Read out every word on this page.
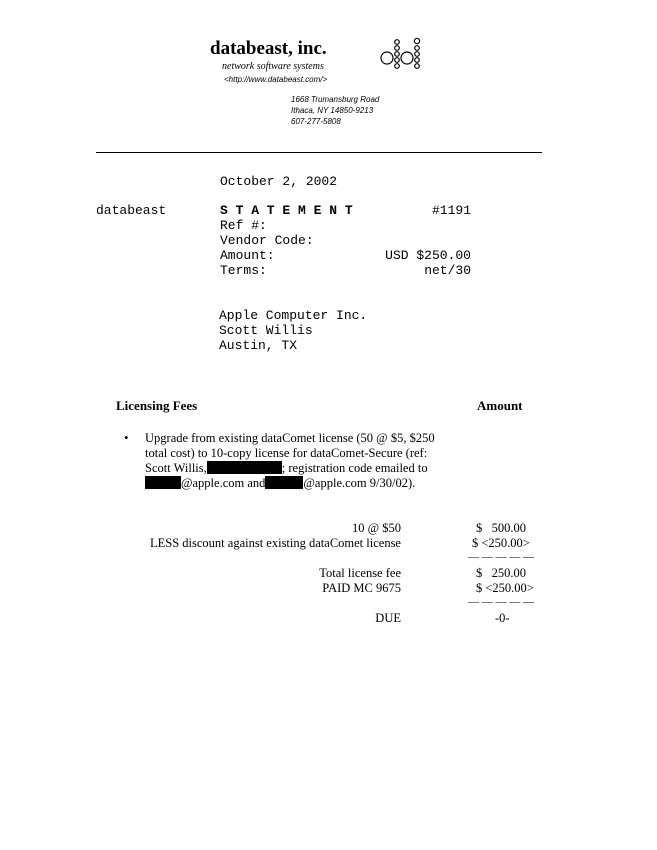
databeast, inc.
network software systems
<http://www.databeast.com/>
1668 Trumansburg Road
Ithaca, NY 14850-9213
607-277-5808
October 2, 2002
databeast	S T A T E M E N T	#1191
Ref #:
Vendor Code:
Amount:	USD $250.00
Terms:	net/30
Apple Computer Inc.
Scott Willis
Austin, TX
Licensing Fees	Amount
• Upgrade from existing dataComet license (50 @ $5, $250
total cost) to 10-copy license for dataComet-Secure (ref:
Scott Willis,	; registration code emailed to
@apple.com and	@apple.com 9/30/02).
10 @ $50	$   500.00
LESS discount against existing dataComet license	$ <250.00>
— — — — —
Total license fee	$   250.00
PAID MC 9675	$ <250.00>
— — — — —
DUE	-0-
